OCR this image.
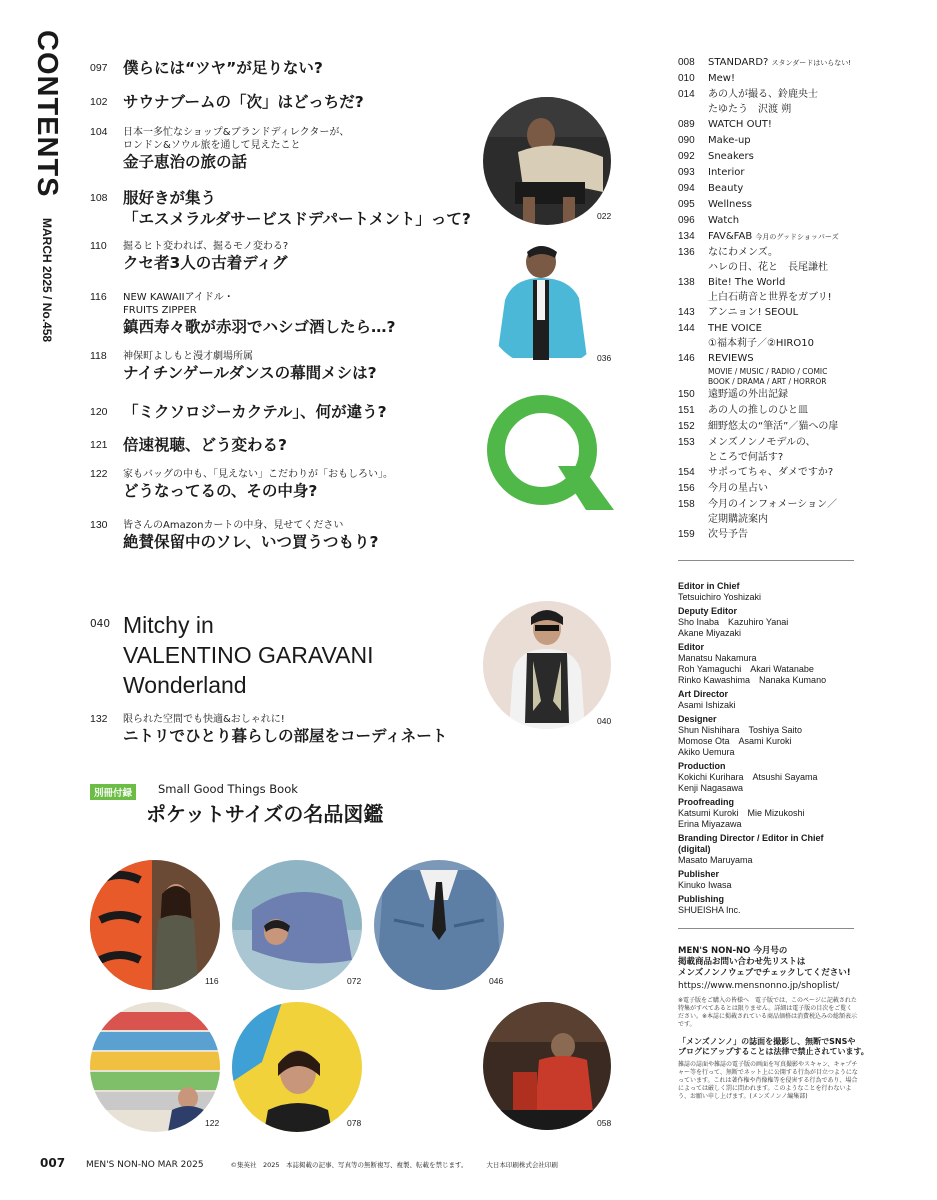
CONTENTS MARCH 2025 / No.458
097 僕らには“ツヤ”が足りない?
102 サウナブームの「次」はどっちだ?
104 日本一多忙なショップ&ブランドディレクターが、
ロンドン&ソウル旅を通して見えたこと
金子恵治の旅の話
108 服好きが集う
「エスメラルダサービスドデパートメント」って?
110 掘るヒト変われば、掘るモノ変わる?
クセ者3人の古着ディグ
116 NEW KAWAIIアイドル・
FRUITS ZIPPER
鎮西寿々歌が赤羽でハシゴ酒したら…?
118 神保町よしもと漫才劇場所属
ナイチンゲールダンスの幕間メシは?
120 「ミクソロジーカクテル」、何が違う?
121 倍速視聴、どう変わる?
122 家もバッグの中も、「見えない」こだわりが「おもしろい」。
どうなってるの、その中身?
130 皆さんのAmazonカートの中身、見せてください
絶賛保留中のソレ、いつ買うつもり?
040 Mitchy in
VALENTINO GARAVANI
Wonderland
132 限られた空間でも快適&おしゃれに!
ニトリでひとり暮らしの部屋をコーディネート
別冊付録	Small Good Things Book
ポケットサイズの名品図鑑
022
036
040
116	072	046
122	078	058
008	STANDARD? スタンダードはいらない!
010	Mew!
014	あの人が撮る、鈴鹿央士
たゆたう　沢渡 朔
089	WATCH OUT!
090	Make-up
092	Sneakers
093	Interior
094	Beauty
095	Wellness
096	Watch
134	FAV&FAB 今月のグッドショッパーズ
136	なにわメンズ。
ハレの日、花と　長尾謙杜
138	Bite! The World
上白石萌音と世界をガブリ!
143	アンニョン! SEOUL
144	THE VOICE
①福本莉子／②HIRO10
146	REVIEWS
MOVIE / MUSIC / RADIO / COMIC
BOOK / DRAMA / ART / HORROR
150	遠野遥の外出記録
151	あの人の推しのひと皿
152	細野悠太の“筆活”／猫への扉
153	メンズノンノモデルの、
ところで何話す?
154	サポってちゃ、ダメですか?
156	今月の星占い
158	今月のインフォメーション／
定期購読案内
159	次号予告
Editor in Chief
Tetsuichiro Yoshizaki
Deputy Editor
Sho Inaba　Kazuhiro Yanai
Akane Miyazaki
Editor
Manatsu Nakamura
Roh Yamaguchi　Akari Watanabe
Rinko Kawashima　Nanaka Kumano
Art Director
Asami Ishizaki
Designer
Shun Nishihara　Toshiya Saito
Momose Ota　Asami Kuroki
Akiko Uemura
Production
Kokichi Kurihara　Atsushi Sayama
Kenji Nagasawa
Proofreading
Katsumi Kuroki　Mie Mizukoshi
Erina Miyazawa
Branding Director / Editor in Chief (digital)
Masato Maruyama
Publisher
Kinuko Iwasa
Publishing
SHUEISHA Inc.
MEN'S NON-NO 今月号の
掲載商品お問い合わせ先リストは
メンズノンノウェブでチェックしてください!
https://www.mensnonno.jp/shoplist/
※電子版をご購入の皆様へ　電子版では、このページに記載された特集がすべてあるとは限りません。詳細は電子版の目次をご覧ください。※本誌に掲載されている商品価格は消費税込みの総額表示です。
「メンズノンノ」の誌面を撮影し、無断でSNSや
ブログにアップすることは法律で禁止されています。
雑誌の誌面や雑誌の電子版の画面を写真撮影やスキャン、キャプチャー等を行って、無断でネット上に公開する行為が目立つようになっています。これは著作権や肖像権等を侵害する行為であり、場合によっては厳しく罰に問われます。このようなことを行わないよう、お願い申し上げます。(メンズノンノ編集部)
007 MEN'S NON-NO MAR 2025	©集英社　2025　本誌掲載の記事、写真等の無断複写、複製、転載を禁じます。	大日本印刷株式会社印刷
